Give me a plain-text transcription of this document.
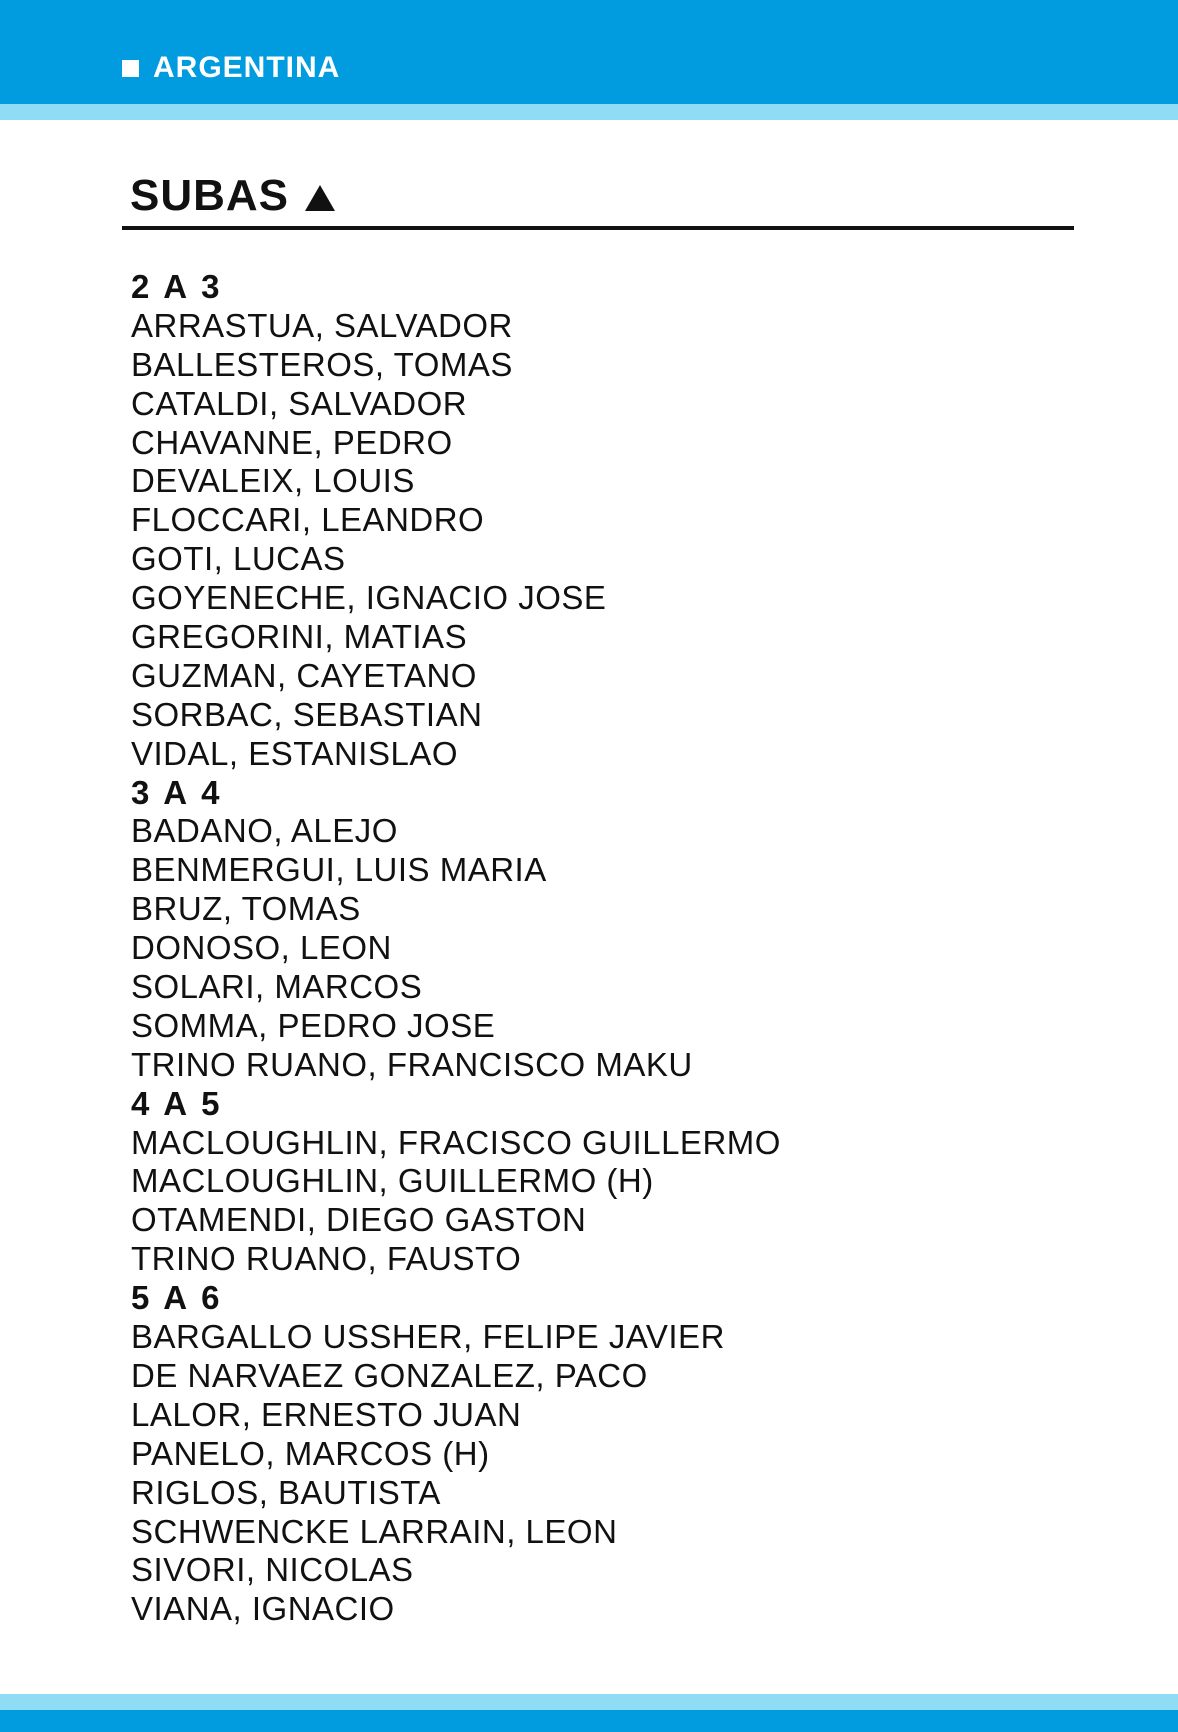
ARGENTINA
SUBAS
2 A 3
ARRASTUA, SALVADOR
BALLESTEROS, TOMAS
CATALDI, SALVADOR
CHAVANNE, PEDRO
DEVALEIX, LOUIS
FLOCCARI, LEANDRO
GOTI, LUCAS
GOYENECHE, IGNACIO JOSE
GREGORINI, MATIAS
GUZMAN, CAYETANO
SORBAC, SEBASTIAN
VIDAL, ESTANISLAO
3 A 4
BADANO, ALEJO
BENMERGUI, LUIS MARIA
BRUZ, TOMAS
DONOSO, LEON
SOLARI, MARCOS
SOMMA, PEDRO JOSE
TRINO RUANO, FRANCISCO MAKU
4 A 5
MACLOUGHLIN, FRACISCO GUILLERMO
MACLOUGHLIN, GUILLERMO (H)
OTAMENDI, DIEGO GASTON
TRINO RUANO, FAUSTO
5 A 6
BARGALLO USSHER, FELIPE JAVIER
DE NARVAEZ GONZALEZ, PACO
LALOR, ERNESTO JUAN
PANELO, MARCOS (H)
RIGLOS, BAUTISTA
SCHWENCKE LARRAIN, LEON
SIVORI, NICOLAS
VIANA, IGNACIO
